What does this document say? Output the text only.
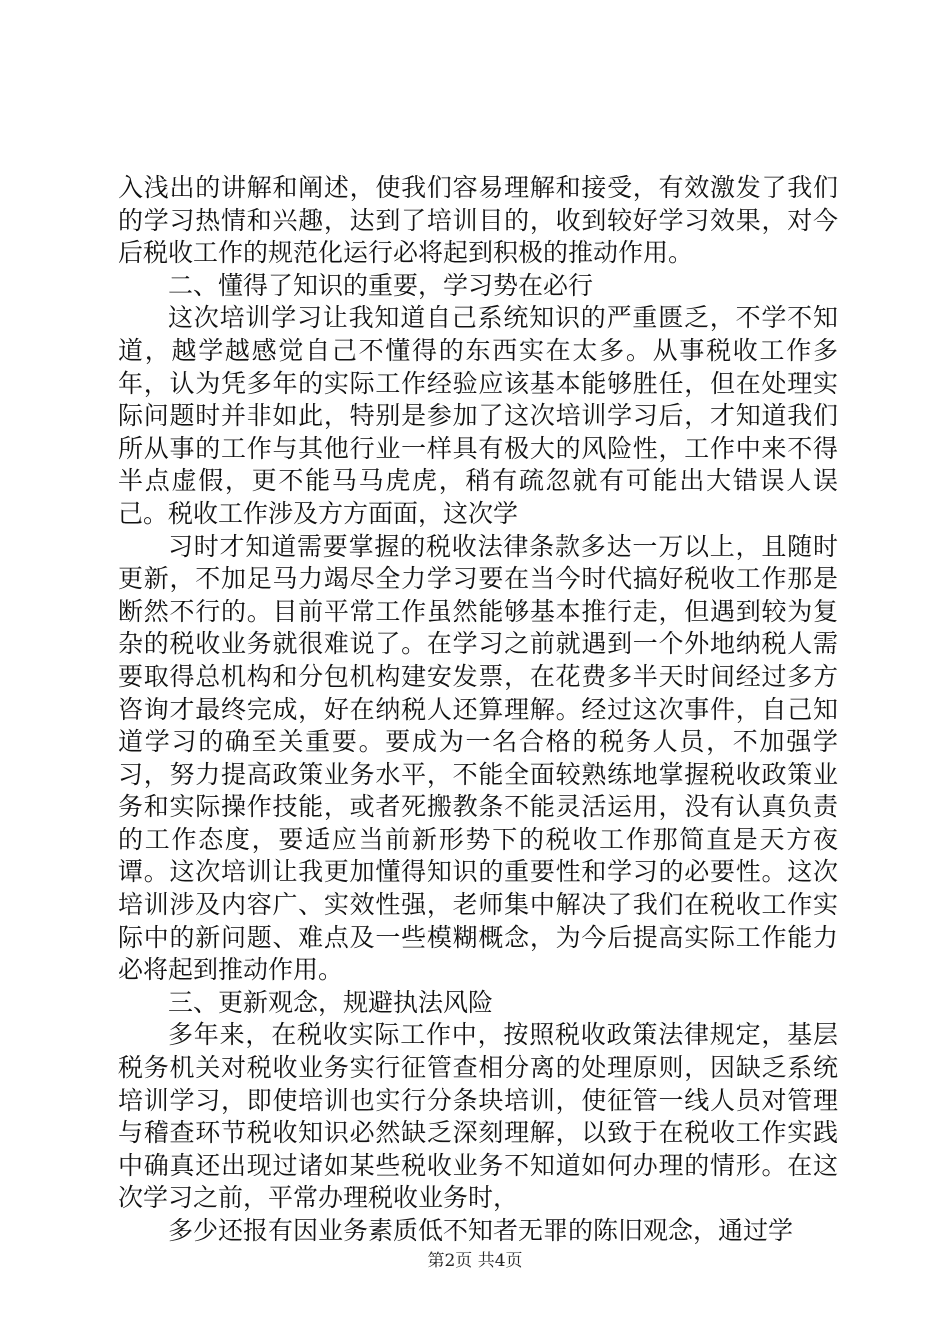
入浅出的讲解和阐述，使我们容易理解和接受，有效激发了我们的学习热情和兴趣，达到了培训目的，收到较好学习效果，对今后税收工作的规范化运行必将起到积极的推动作用。

二、懂得了知识的重要，学习势在必行

这次培训学习让我知道自己系统知识的严重匮乏，不学不知道，越学越感觉自己不懂得的东西实在太多。从事税收工作多年，认为凭多年的实际工作经验应该基本能够胜任，但在处理实际问题时并非如此，特别是参加了这次培训学习后，才知道我们所从事的工作与其他行业一样具有极大的风险性，工作中来不得半点虚假，更不能马马虎虎，稍有疏忽就有可能出大错误人误己。税收工作涉及方方面面，这次学

习时才知道需要掌握的税收法律条款多达一万以上，且随时更新，不加足马力竭尽全力学习要在当今时代搞好税收工作那是断然不行的。目前平常工作虽然能够基本推行走，但遇到较为复杂的税收业务就很难说了。在学习之前就遇到一个外地纳税人需要取得总机构和分包机构建安发票，在花费多半天时间经过多方咨询才最终完成，好在纳税人还算理解。经过这次事件，自己知道学习的确至关重要。要成为一名合格的税务人员，不加强学习，努力提高政策业务水平，不能全面较熟练地掌握税收政策业务和实际操作技能，或者死搬教条不能灵活运用，没有认真负责的工作态度，要适应当前新形势下的税收工作那简直是天方夜谭。这次培训让我更加懂得知识的重要性和学习的必要性。这次培训涉及内容广、实效性强，老师集中解决了我们在税收工作实际中的新问题、难点及一些模糊概念，为今后提高实际工作能力必将起到推动作用。

三、更新观念，规避执法风险

多年来，在税收实际工作中，按照税收政策法律规定，基层税务机关对税收业务实行征管查相分离的处理原则，因缺乏系统培训学习，即使培训也实行分条块培训，使征管一线人员对管理与稽查环节税收知识必然缺乏深刻理解，以致于在税收工作实践中确真还出现过诸如某些税收业务不知道如何办理的情形。在这次学习之前，平常办理税收业务时，

多少还报有因业务素质低不知者无罪的陈旧观念，通过学

第2页 共4页
